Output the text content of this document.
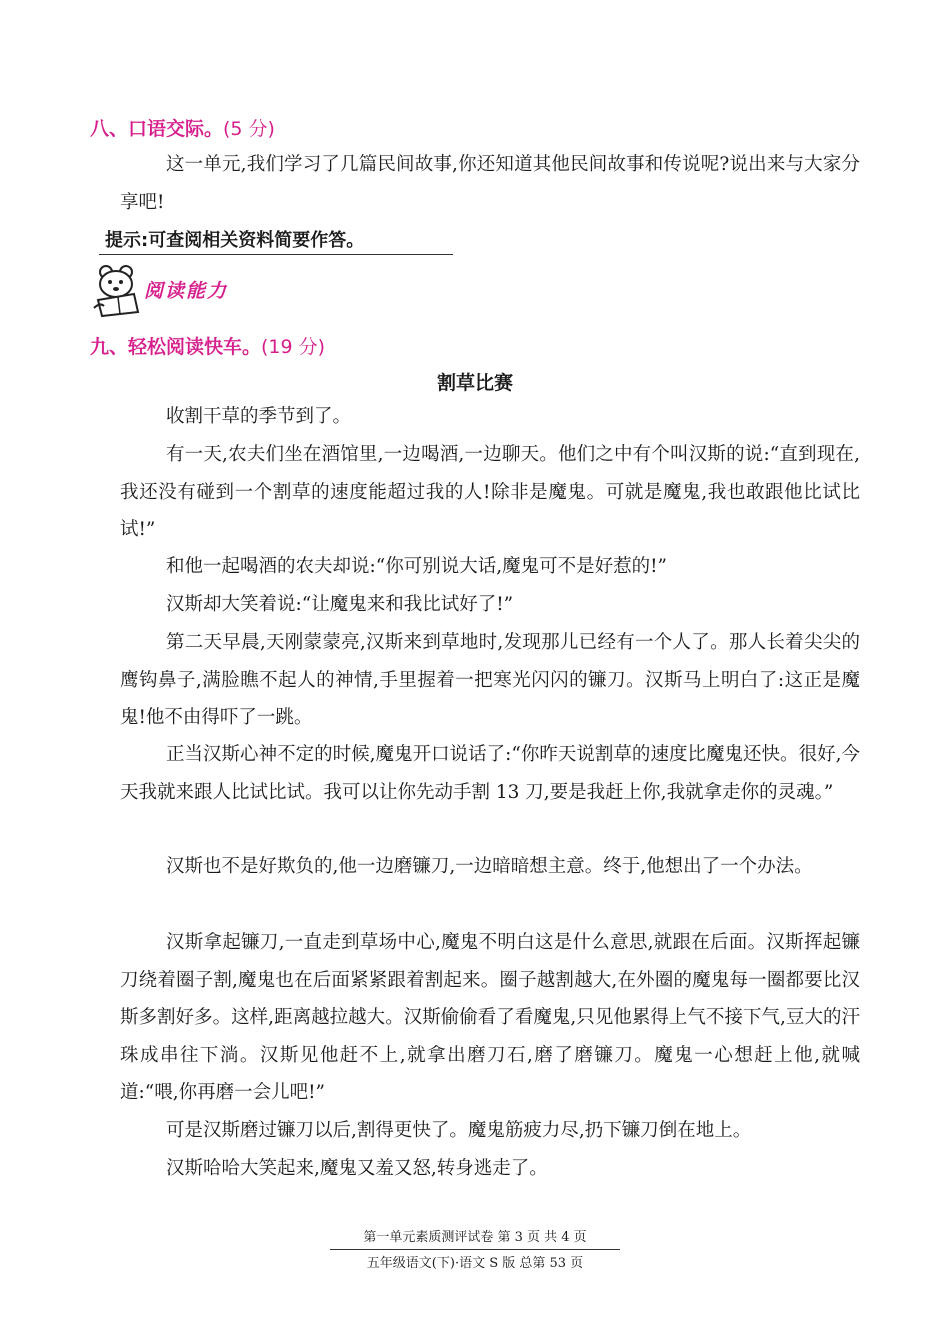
八、口语交际。(5 分)

这一单元,我们学习了几篇民间故事,你还知道其他民间故事和传说呢?说出来与大家分享吧!

提示:可查阅相关资料简要作答。
阅读能力
九、轻松阅读快车。(19 分)
割草比赛

收割干草的季节到了。

有一天,农夫们坐在酒馆里,一边喝酒,一边聊天。他们之中有个叫汉斯的说:“直到现在,我还没有碰到一个割草的速度能超过我的人!除非是魔鬼。可就是魔鬼,我也敢跟他比试比试!”

和他一起喝酒的农夫却说:“你可别说大话,魔鬼可不是好惹的!”

汉斯却大笑着说:“让魔鬼来和我比试好了!”

第二天早晨,天刚蒙蒙亮,汉斯来到草地时,发现那儿已经有一个人了。那人长着尖尖的鹰钩鼻子,满脸瞧不起人的神情,手里握着一把寒光闪闪的镰刀。汉斯马上明白了:这正是魔鬼!他不由得吓了一跳。

正当汉斯心神不定的时候,魔鬼开口说话了:“你昨天说割草的速度比魔鬼还快。很好,今天我就来跟人比试比试。我可以让你先动手割 13 刀,要是我赶上你,我就拿走你的灵魂。”

汉斯也不是好欺负的,他一边磨镰刀,一边暗暗想主意。终于,他想出了一个办法。

汉斯拿起镰刀,一直走到草场中心,魔鬼不明白这是什么意思,就跟在后面。汉斯挥起镰刀绕着圈子割,魔鬼也在后面紧紧跟着割起来。圈子越割越大,在外圈的魔鬼每一圈都要比汉斯多割好多。这样,距离越拉越大。汉斯偷偷看了看魔鬼,只见他累得上气不接下气,豆大的汗珠成串往下淌。汉斯见他赶不上,就拿出磨刀石,磨了磨镰刀。魔鬼一心想赶上他,就喊道:“喂,你再磨一会儿吧!”

可是汉斯磨过镰刀以后,割得更快了。魔鬼筋疲力尽,扔下镰刀倒在地上。

汉斯哈哈大笑起来,魔鬼又羞又怒,转身逃走了。

第一单元素质测评试卷 第 3 页 共 4 页
五年级语文(下)·语文 S 版 总第 53 页
